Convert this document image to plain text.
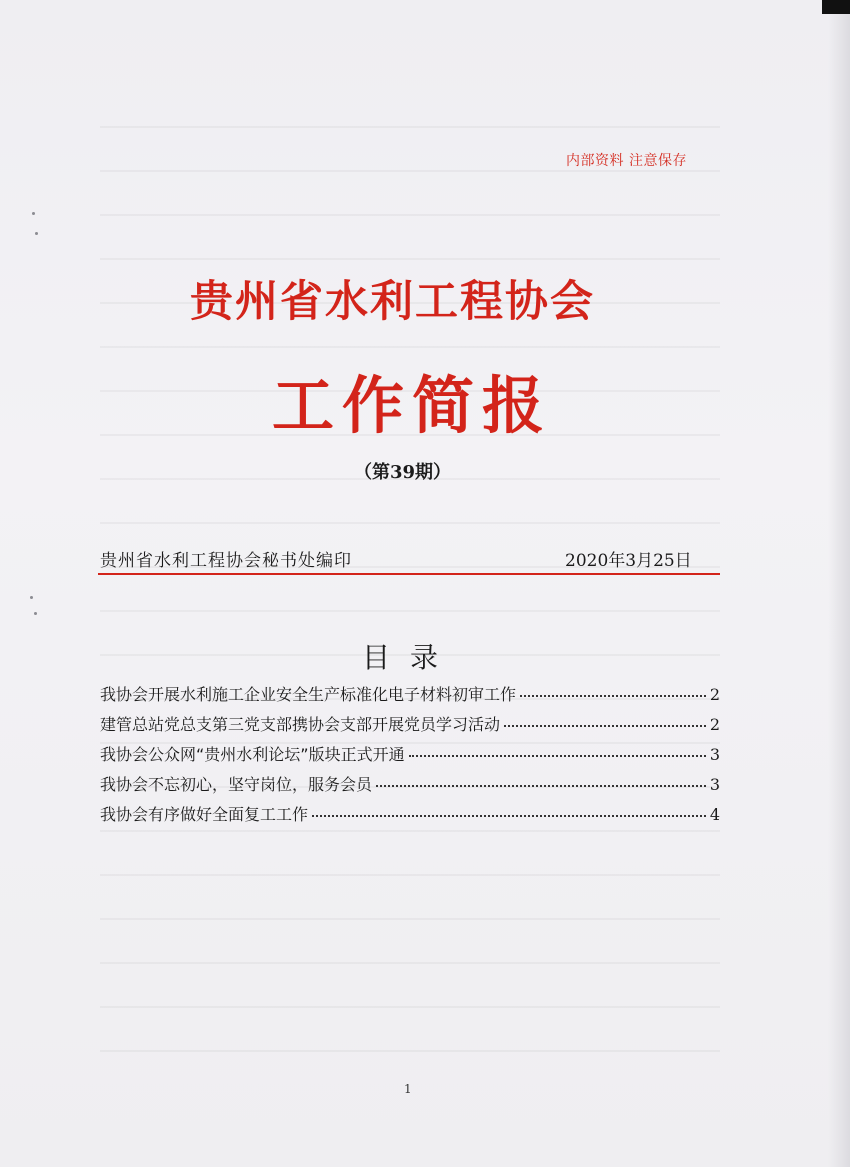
内部资料 注意保存
贵州省水利工程协会
工作简报
（第39期）
贵州省水利工程协会秘书处编印	2020年3月25日
目录
我协会开展水利施工企业安全生产标准化电子材料初审工作	2
建管总站党总支第三党支部携协会支部开展党员学习活动	2
我协会公众网“贵州水利论坛”版块正式开通	3
我协会不忘初心，坚守岗位，服务会员	3
我协会有序做好全面复工工作	4
1
